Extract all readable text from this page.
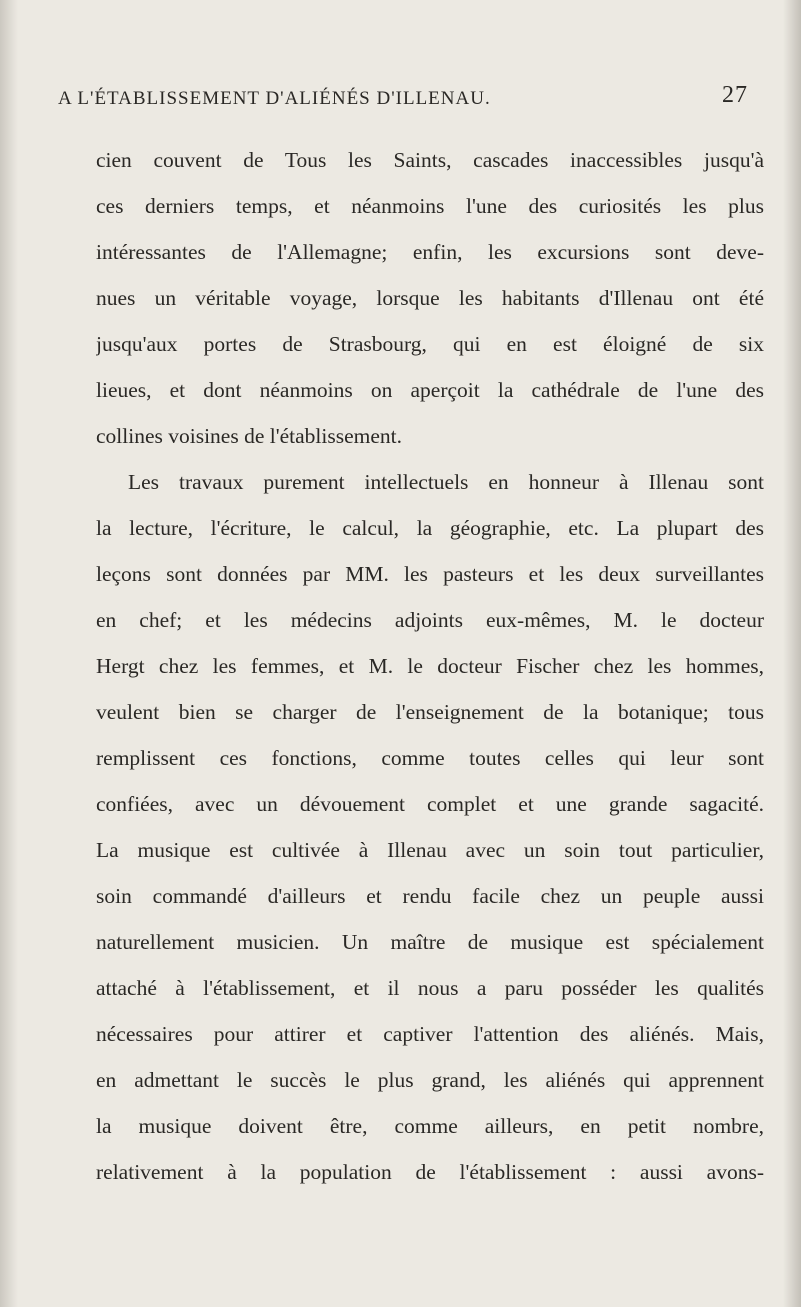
A L'ÉTABLISSEMENT D'ALIÉNÉS D'ILLENAU.	27
cien couvent de Tous les Saints, cascades inaccessibles jusqu'à
ces derniers temps, et néanmoins l'une des curiosités les plus
intéressantes de l'Allemagne; enfin, les excursions sont deve-
nues un véritable voyage, lorsque les habitants d'Illenau ont été
jusqu'aux portes de Strasbourg, qui en est éloigné de six
lieues, et dont néanmoins on aperçoit la cathédrale de l'une des
collines voisines de l'établissement.
Les travaux purement intellectuels en honneur à Illenau sont
la lecture, l'écriture, le calcul, la géographie, etc. La plupart des
leçons sont données par MM. les pasteurs et les deux surveillantes
en chef; et les médecins adjoints eux-mêmes, M. le docteur
Hergt chez les femmes, et M. le docteur Fischer chez les hommes,
veulent bien se charger de l'enseignement de la botanique; tous
remplissent ces fonctions, comme toutes celles qui leur sont
confiées, avec un dévouement complet et une grande sagacité.
La musique est cultivée à Illenau avec un soin tout particulier,
soin commandé d'ailleurs et rendu facile chez un peuple aussi
naturellement musicien. Un maître de musique est spécialement
attaché à l'établissement, et il nous a paru posséder les qualités
nécessaires pour attirer et captiver l'attention des aliénés. Mais,
en admettant le succès le plus grand, les aliénés qui apprennent
la musique doivent être, comme ailleurs, en petit nombre,
relativement à la population de l'établissement : aussi avons-
